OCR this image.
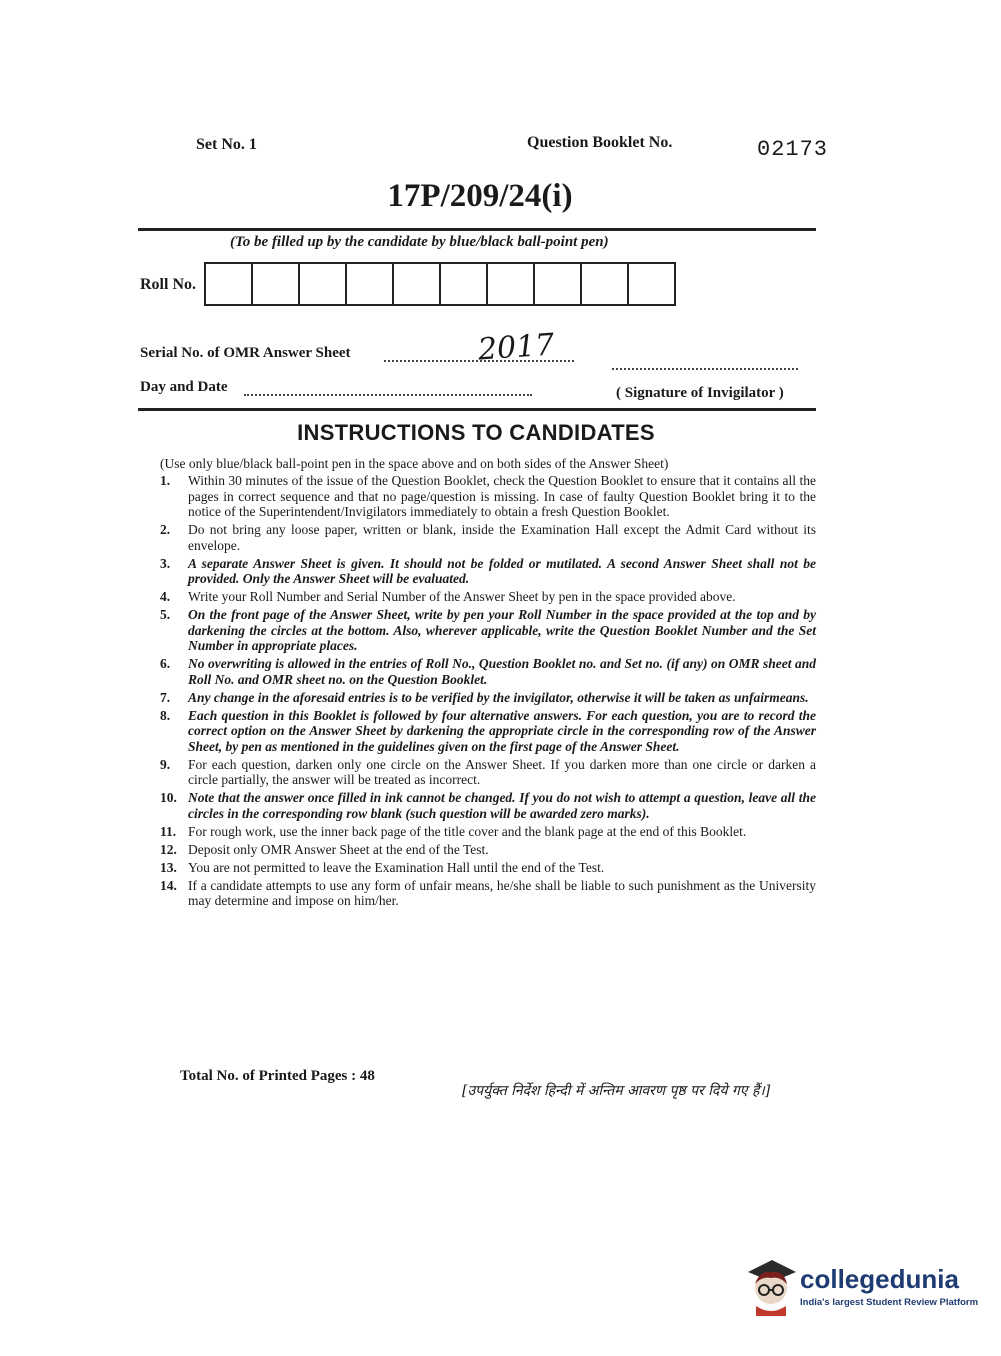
Set No. 1	Question Booklet No.	02173
17P/209/24(i)
(To be filled up by the candidate by blue/black ball-point pen)
Roll No.
Serial No. of OMR Answer Sheet	2017
Day and Date	( Signature of Invigilator )
INSTRUCTIONS TO CANDIDATES
(Use only blue/black ball-point pen in the space above and on both sides of the Answer Sheet)
1. Within 30 minutes of the issue of the Question Booklet, check the Question Booklet to ensure that it contains all the pages in correct sequence and that no page/question is missing. In case of faulty Question Booklet bring it to the notice of the Superintendent/Invigilators immediately to obtain a fresh Question Booklet.
2. Do not bring any loose paper, written or blank, inside the Examination Hall except the Admit Card without its envelope.
3. A separate Answer Sheet is given. It should not be folded or mutilated. A second Answer Sheet shall not be provided. Only the Answer Sheet will be evaluated.
4. Write your Roll Number and Serial Number of the Answer Sheet by pen in the space provided above.
5. On the front page of the Answer Sheet, write by pen your Roll Number in the space provided at the top and by darkening the circles at the bottom. Also, wherever applicable, write the Question Booklet Number and the Set Number in appropriate places.
6. No overwriting is allowed in the entries of Roll No., Question Booklet no. and Set no. (if any) on OMR sheet and Roll No. and OMR sheet no. on the Question Booklet.
7. Any change in the aforesaid entries is to be verified by the invigilator, otherwise it will be taken as unfairmeans.
8. Each question in this Booklet is followed by four alternative answers. For each question, you are to record the correct option on the Answer Sheet by darkening the appropriate circle in the corresponding row of the Answer Sheet, by pen as mentioned in the guidelines given on the first page of the Answer Sheet.
9. For each question, darken only one circle on the Answer Sheet. If you darken more than one circle or darken a circle partially, the answer will be treated as incorrect.
10. Note that the answer once filled in ink cannot be changed. If you do not wish to attempt a question, leave all the circles in the corresponding row blank (such question will be awarded zero marks).
11. For rough work, use the inner back page of the title cover and the blank page at the end of this Booklet.
12. Deposit only OMR Answer Sheet at the end of the Test.
13. You are not permitted to leave the Examination Hall until the end of the Test.
14. If a candidate attempts to use any form of unfair means, he/she shall be liable to such punishment as the University may determine and impose on him/her.
Total No. of Printed Pages : 48
[उपर्युक्त निर्देश हिन्दी में अन्तिम आवरण पृष्ठ पर दिये गए हैं।]
collegedunia
India's largest Student Review Platform
